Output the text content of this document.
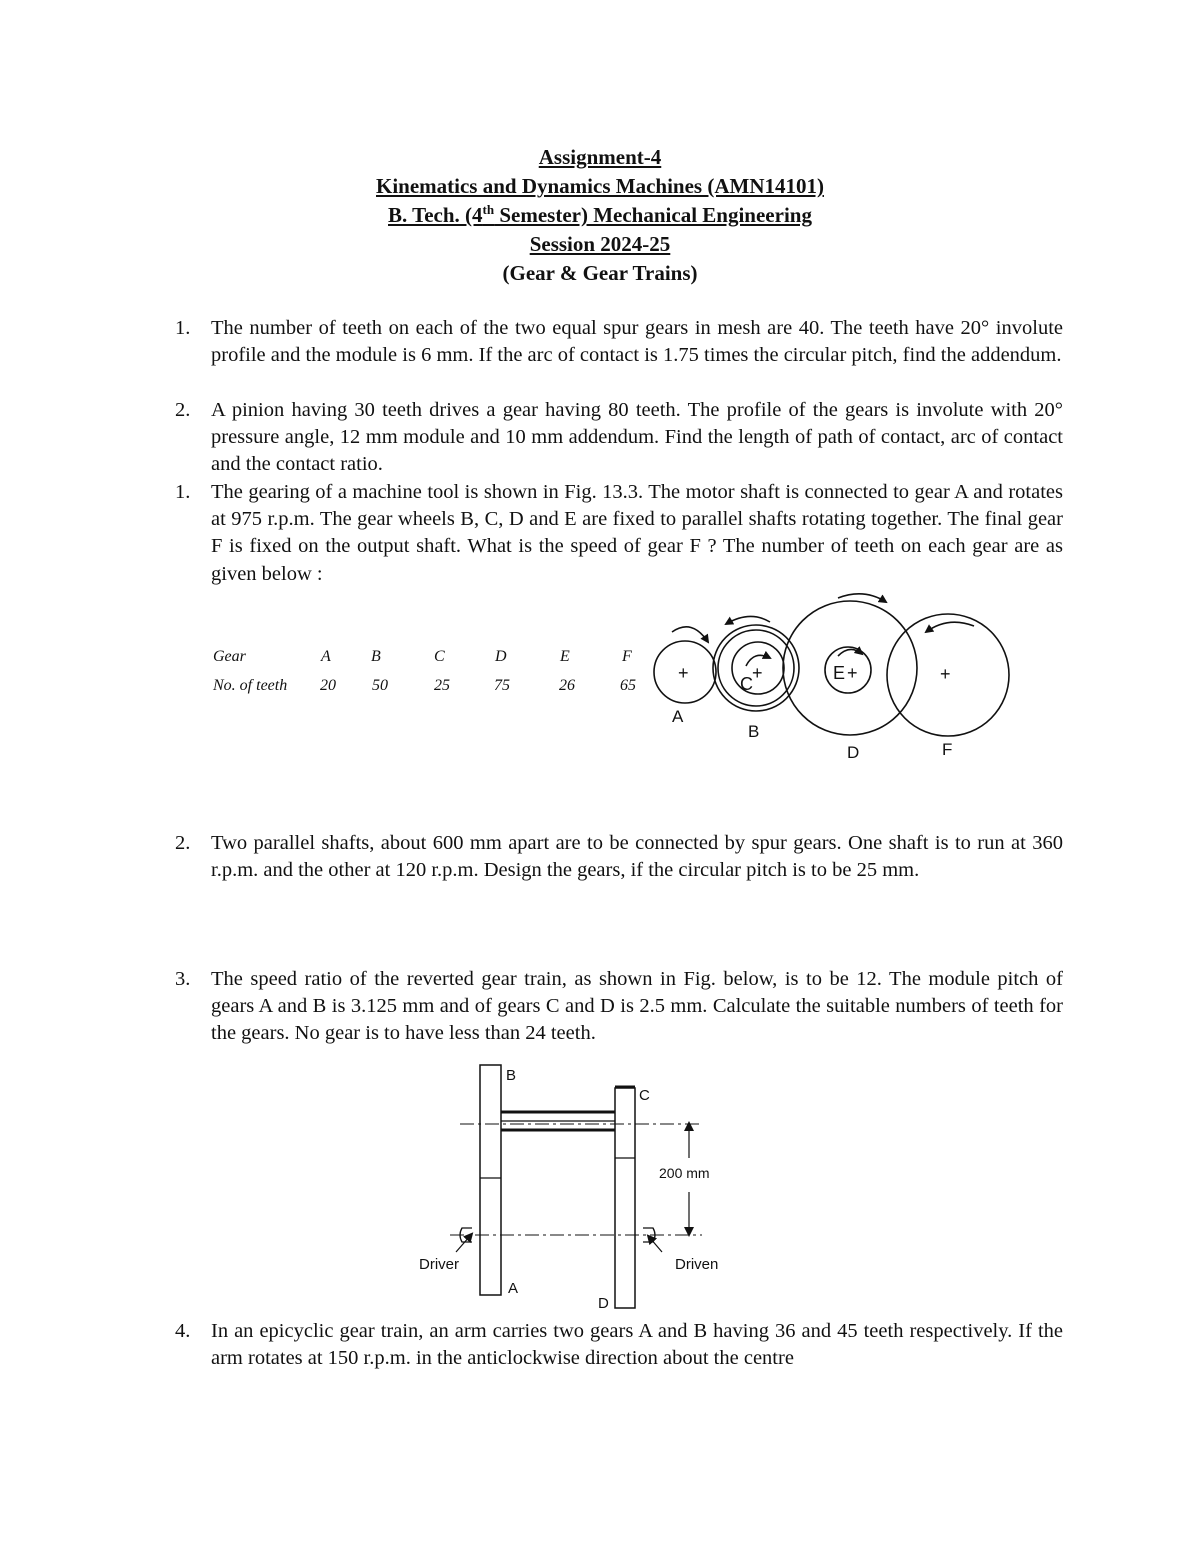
Assignment-4
Kinematics and Dynamics Machines (AMN14101)
B. Tech. (4th Semester) Mechanical Engineering
Session 2024-25
(Gear & Gear Trains)
1. The number of teeth on each of the two equal spur gears in mesh are 40. The teeth have 20° involute profile and the module is 6 mm. If the arc of contact is 1.75 times the circular pitch, find the addendum.
2. A pinion having 30 teeth drives a gear having 80 teeth. The profile of the gears is involute with 20° pressure angle, 12 mm module and 10 mm addendum. Find the length of path of contact, arc of contact and the contact ratio.
1. The gearing of a machine tool is shown in Fig. 13.3. The motor shaft is connected to gear A and rotates at 975 r.p.m. The gear wheels B, C, D and E are fixed to parallel shafts rotating together. The final gear F is fixed on the output shaft. What is the speed of gear F ? The number of teeth on each gear are as given below :
Gear	A	B	C	D	E	F
No. of teeth 20 50	25	75	26	65
+	+	+
A
B
C
D
E +
F
2. Two parallel shafts, about 600 mm apart are to be connected by spur gears. One shaft is to run at 360 r.p.m. and the other at 120 r.p.m. Design the gears, if the circular pitch is to be 25 mm.
3. The speed ratio of the reverted gear train, as shown in Fig. below, is to be 12. The module pitch of gears A and B is 3.125 mm and of gears C and D is 2.5 mm. Calculate the suitable numbers of teeth for the gears. No gear is to have less than 24 teeth.
B
C
A
D
200 mm
Driver	Driven
4. In an epicyclic gear train, an arm carries two gears A and B having 36 and 45 teeth respectively. If the arm rotates at 150 r.p.m. in the anticlockwise direction about the centre
